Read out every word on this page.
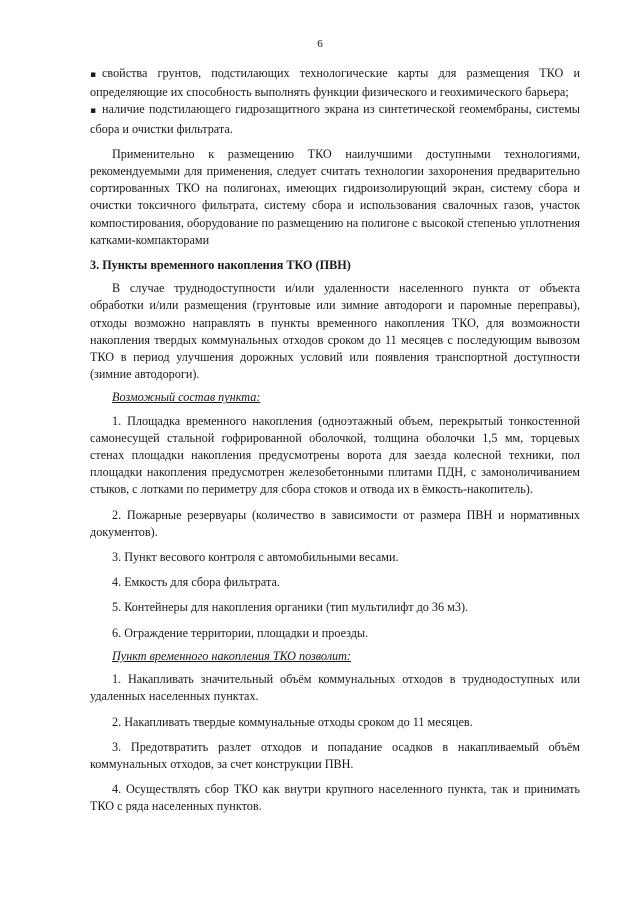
6

▪ свойства грунтов, подстилающих технологические карты для размещения ТКО и определяющие их способность выполнять функции физического и геохимического барьера;

▪ наличие подстилающего гидрозащитного экрана из синтетической геомембраны, системы сбора и очистки фильтрата.

Применительно к размещению ТКО наилучшими доступными технологиями, рекомендуемыми для применения, следует считать технологии захоронения предварительно сортированных ТКО на полигонах, имеющих гидроизолирующий экран, систему сбора и очистки токсичного фильтрата, систему сбора и использования свалочных газов, участок компостирования, оборудование по размещению на полигоне с высокой степенью уплотнения катками-компакторами

3. Пункты временного накопления ТКО (ПВН)

В случае труднодоступности и/или удаленности населенного пункта от объекта обработки и/или размещения (грунтовые или зимние автодороги и паромные переправы), отходы возможно направлять в пункты временного накопления ТКО, для возможности накопления твердых коммунальных отходов сроком до 11 месяцев с последующим вывозом ТКО в период улучшения дорожных условий или появления транспортной доступности (зимние автодороги).

Возможный состав пункта:

1. Площадка временного накопления (одноэтажный объем, перекрытый тонкостенной самонесущей стальной гофрированной оболочкой, толщина оболочки 1,5 мм, торцевых стенах площадки накопления предусмотрены ворота для заезда колесной техники, пол площадки накопления предусмотрен железобетонными плитами ПДН, с замоноличиванием стыков, с лотками по периметру для сбора стоков и отвода их в ёмкость-накопитель).

2. Пожарные резервуары (количество в зависимости от размера ПВН и нормативных документов).

3. Пункт весового контроля с автомобильными весами.

4. Емкость для сбора фильтрата.

5. Контейнеры для накопления органики (тип мультилифт до 36 м3).

6. Ограждение территории, площадки и проезды.

Пункт временного накопления ТКО позволит:

1. Накапливать значительный объём коммунальных отходов в труднодоступных или удаленных населенных пунктах.

2. Накапливать твердые коммунальные отходы сроком до 11 месяцев.

3. Предотвратить разлет отходов и попадание осадков в накапливаемый объём коммунальных отходов, за счет конструкции ПВН.

4. Осуществлять сбор ТКО как внутри крупного населенного пункта, так и принимать ТКО с ряда населенных пунктов.
